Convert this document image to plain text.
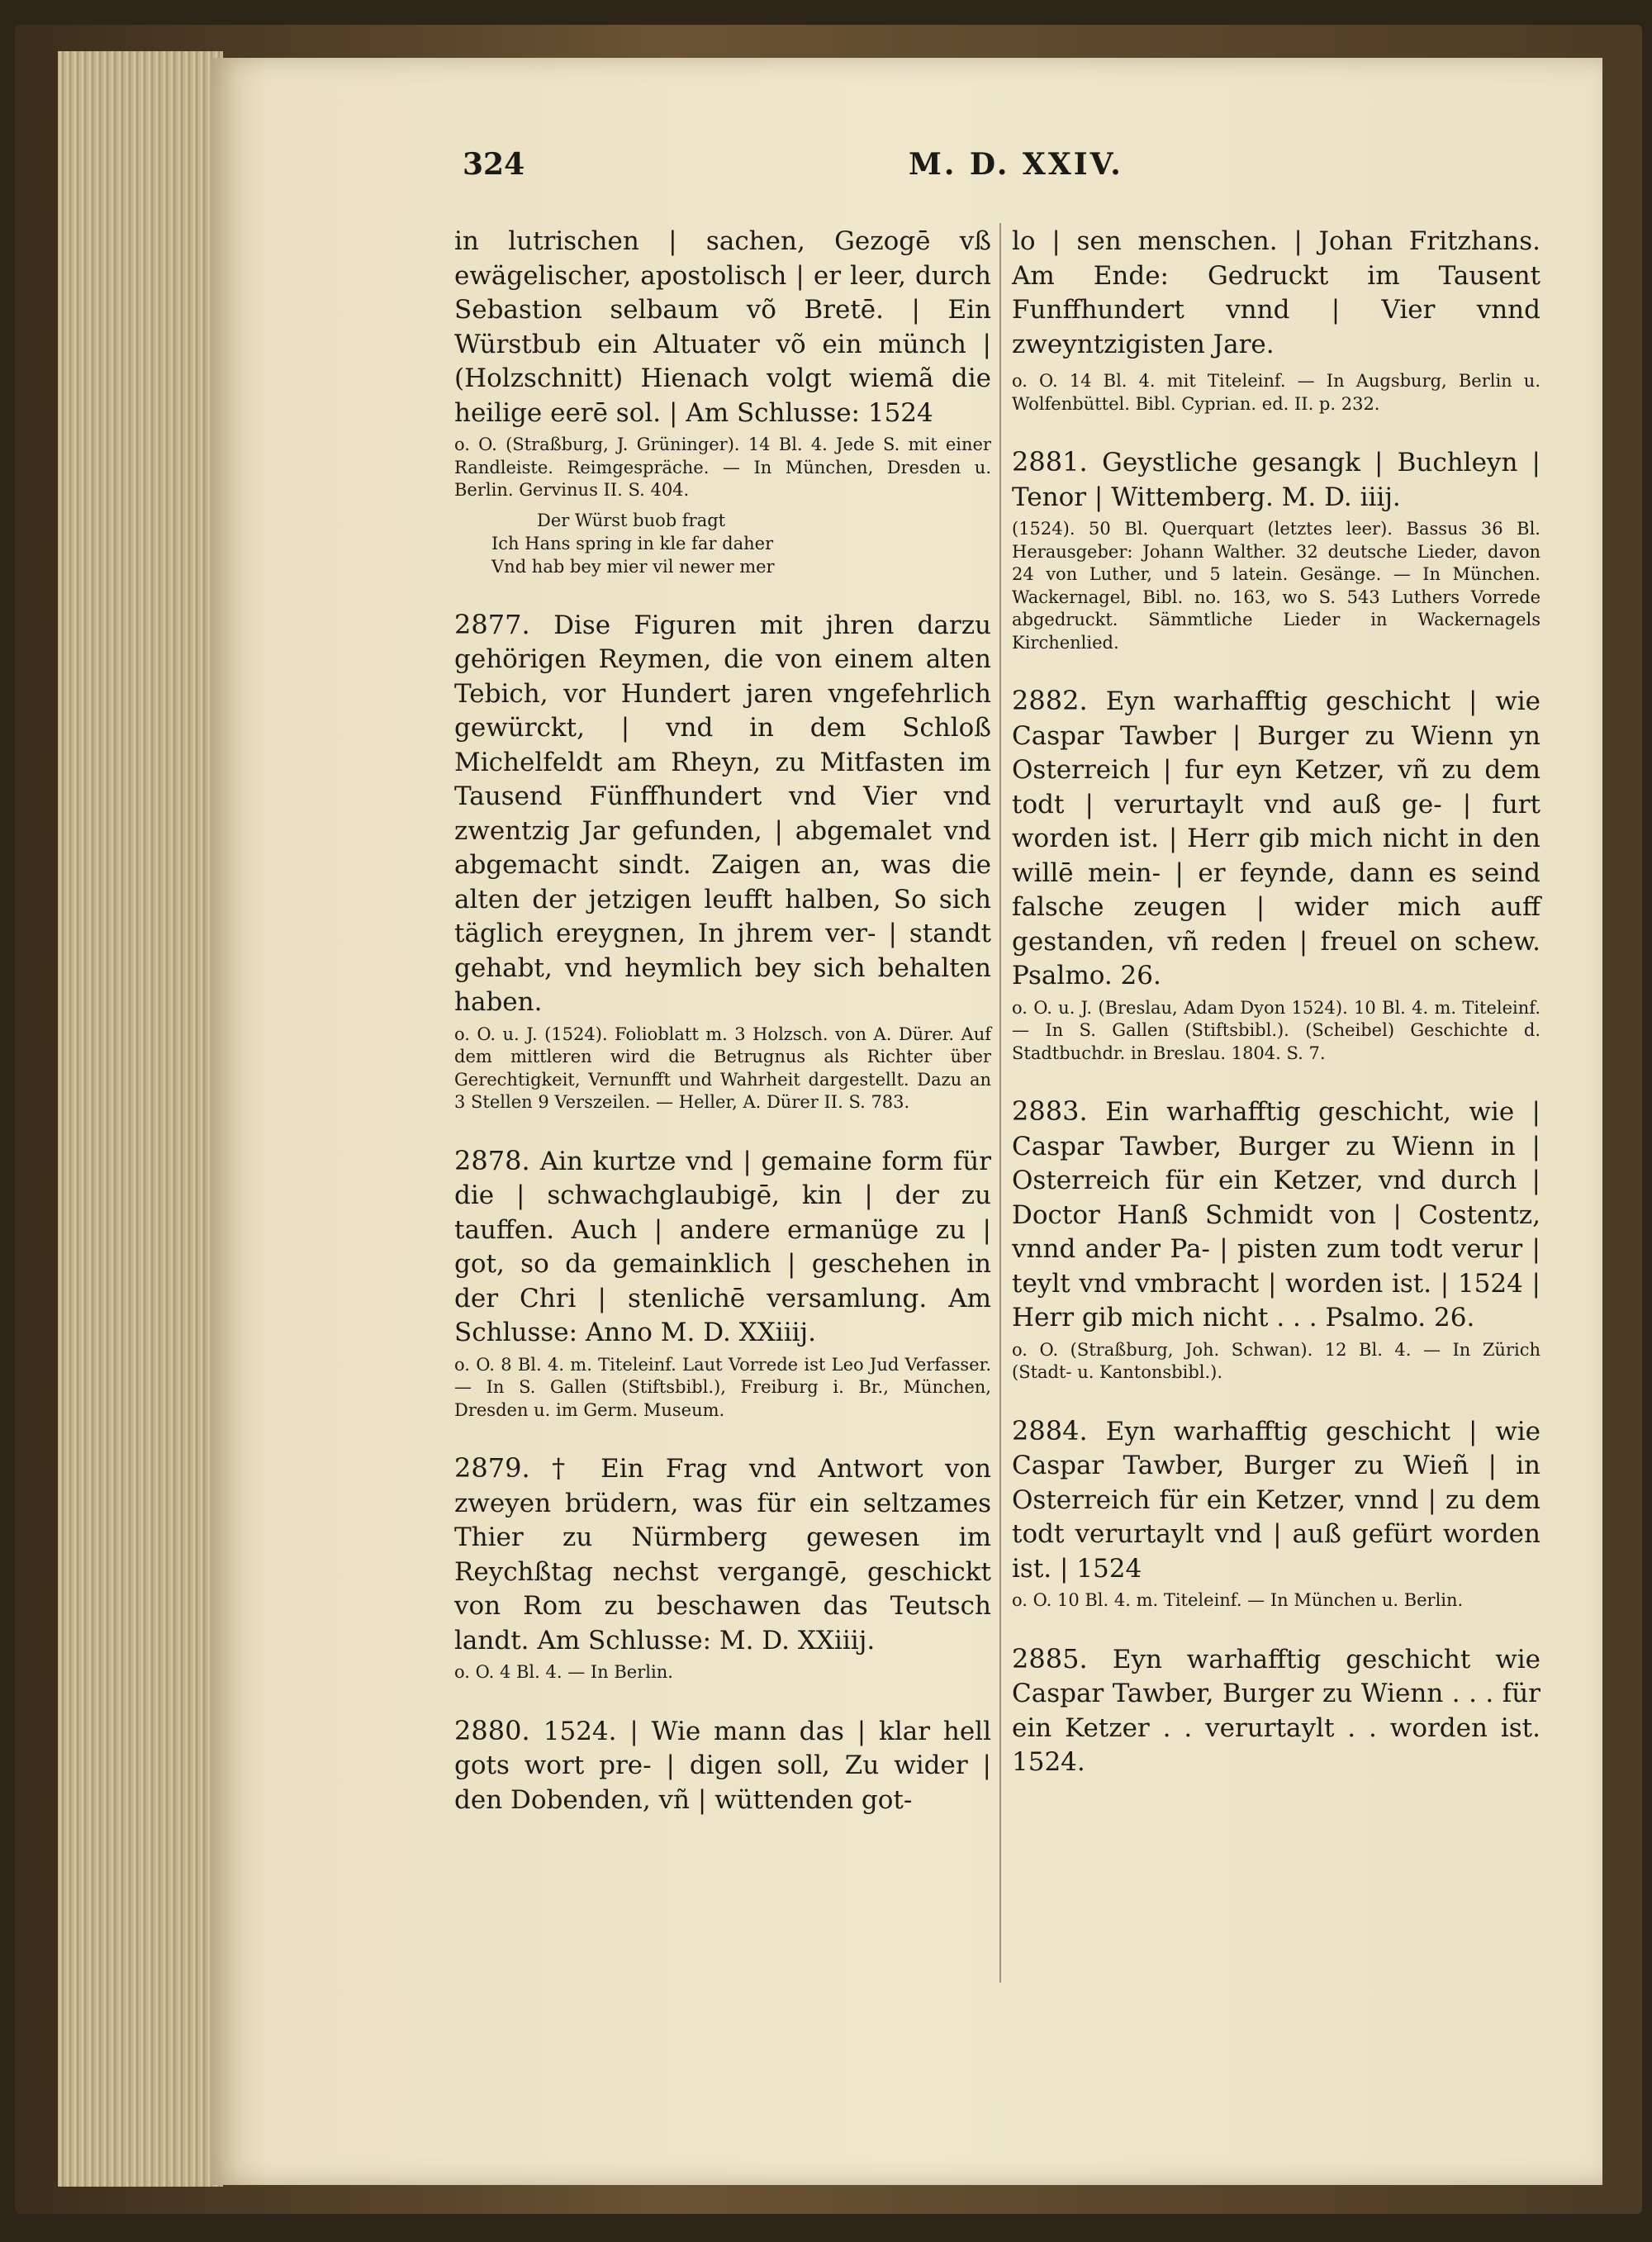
324	M. D. XXIV.
in lutrischen | sachen, Gezogē vß ewägelischer, apostolisch | er leer, durch Sebastion selbaum võ Bretē. | Ein Würstbub ein Altuater võ ein münch | (Holzschnitt) Hienach volgt wiemã die heilige eerē sol. | Am Schlusse: 1524
o. O. (Straßburg, J. Grüninger). 14 Bl. 4. Jede S. mit einer Randleiste. Reimgespräche. — In München, Dresden u. Berlin. Gervinus II. S. 404.
Der Würst buob fragt
Ich Hans spring in kle far daher
Vnd hab bey mier vil newer mer
2877. Dise Figuren mit jhren darzu gehörigen Reymen, die von einem alten Tebich, vor Hundert jaren vngefehrlich gewürckt, | vnd in dem Schloß Michelfeldt am Rheyn, zu Mitfasten im Tausend Fünffhundert vnd Vier vnd zwentzig Jar gefunden, | abgemalet vnd abgemacht sindt. Zaigen an, was die alten der jetzigen leufft halben, So sich täglich ereygnen, In jhrem ver- | standt gehabt, vnd heymlich bey sich behalten haben.
o. O. u. J. (1524). Folioblatt m. 3 Holzsch. von A. Dürer. Auf dem mittleren wird die Betrugnus als Richter über Gerechtigkeit, Vernunfft und Wahrheit dargestellt. Dazu an 3 Stellen 9 Verszeilen. — Heller, A. Dürer II. S. 783.
2878. Ain kurtze vnd | gemaine form für die | schwachglaubigē, kin | der zu tauffen. Auch | andere ermanüge zu | got, so da gemainklich | geschehen in der Chri | stenlichē versamlung. Am Schlusse: Anno M. D. XXiiij.
o. O. 8 Bl. 4. m. Titeleinf. Laut Vorrede ist Leo Jud Verfasser. — In S. Gallen (Stiftsbibl.), Freiburg i. Br., München, Dresden u. im Germ. Museum.
2879. † Ein Frag vnd Antwort von zweyen brüdern, was für ein seltzames Thier zu Nürmberg gewesen im Reychßtag nechst vergangē, geschickt von Rom zu beschawen das Teutsch landt. Am Schlusse: M. D. XXiiij.
o. O. 4 Bl. 4. — In Berlin.
2880. 1524. | Wie mann das | klar hell gots wort pre- | digen soll, Zu wider | den Dobenden, vñ | wüttenden got-
lo | sen menschen. | Johan Fritzhans. Am Ende: Gedruckt im Tausent Funffhundert vnnd | Vier vnnd zweyntzigisten Jare.
o. O. 14 Bl. 4. mit Titeleinf. — In Augsburg, Berlin u. Wolfenbüttel. Bibl. Cyprian. ed. II. p. 232.
2881. Geystliche gesangk | Buchleyn | Tenor | Wittemberg. M. D. iiij.
(1524). 50 Bl. Querquart (letztes leer). Bassus 36 Bl. Herausgeber: Johann Walther. 32 deutsche Lieder, davon 24 von Luther, und 5 latein. Gesänge. — In München. Wackernagel, Bibl. no. 163, wo S. 543 Luthers Vorrede abgedruckt. Sämmtliche Lieder in Wackernagels Kirchenlied.
2882. Eyn warhafftig geschicht | wie Caspar Tawber | Burger zu Wienn yn Osterreich | fur eyn Ketzer, vñ zu dem todt | verurtaylt vnd auß ge- | furt worden ist. | Herr gib mich nicht in den willē mein- | er feynde, dann es seind falsche zeugen | wider mich auff gestanden, vñ reden | freuel on schew. Psalmo. 26.
o. O. u. J. (Breslau, Adam Dyon 1524). 10 Bl. 4. m. Titeleinf. — In S. Gallen (Stiftsbibl.). (Scheibel) Geschichte d. Stadtbuchdr. in Breslau. 1804. S. 7.
2883. Ein warhafftig geschicht, wie | Caspar Tawber, Burger zu Wienn in | Osterreich für ein Ketzer, vnd durch | Doctor Hanß Schmidt von | Costentz, vnnd ander Pa- | pisten zum todt verur | teylt vnd vmbracht | worden ist. | 1524 | Herr gib mich nicht . . . Psalmo. 26.
o. O. (Straßburg, Joh. Schwan). 12 Bl. 4. — In Zürich (Stadt- u. Kantonsbibl.).
2884. Eyn warhafftig geschicht | wie Caspar Tawber, Burger zu Wieñ | in Osterreich für ein Ketzer, vnnd | zu dem todt verurtaylt vnd | auß gefürt worden ist. | 1524
o. O. 10 Bl. 4. m. Titeleinf. — In München u. Berlin.
2885. Eyn warhafftig geschicht wie Caspar Tawber, Burger zu Wienn . . . für ein Ketzer . . verurtaylt . . worden ist. 1524.
